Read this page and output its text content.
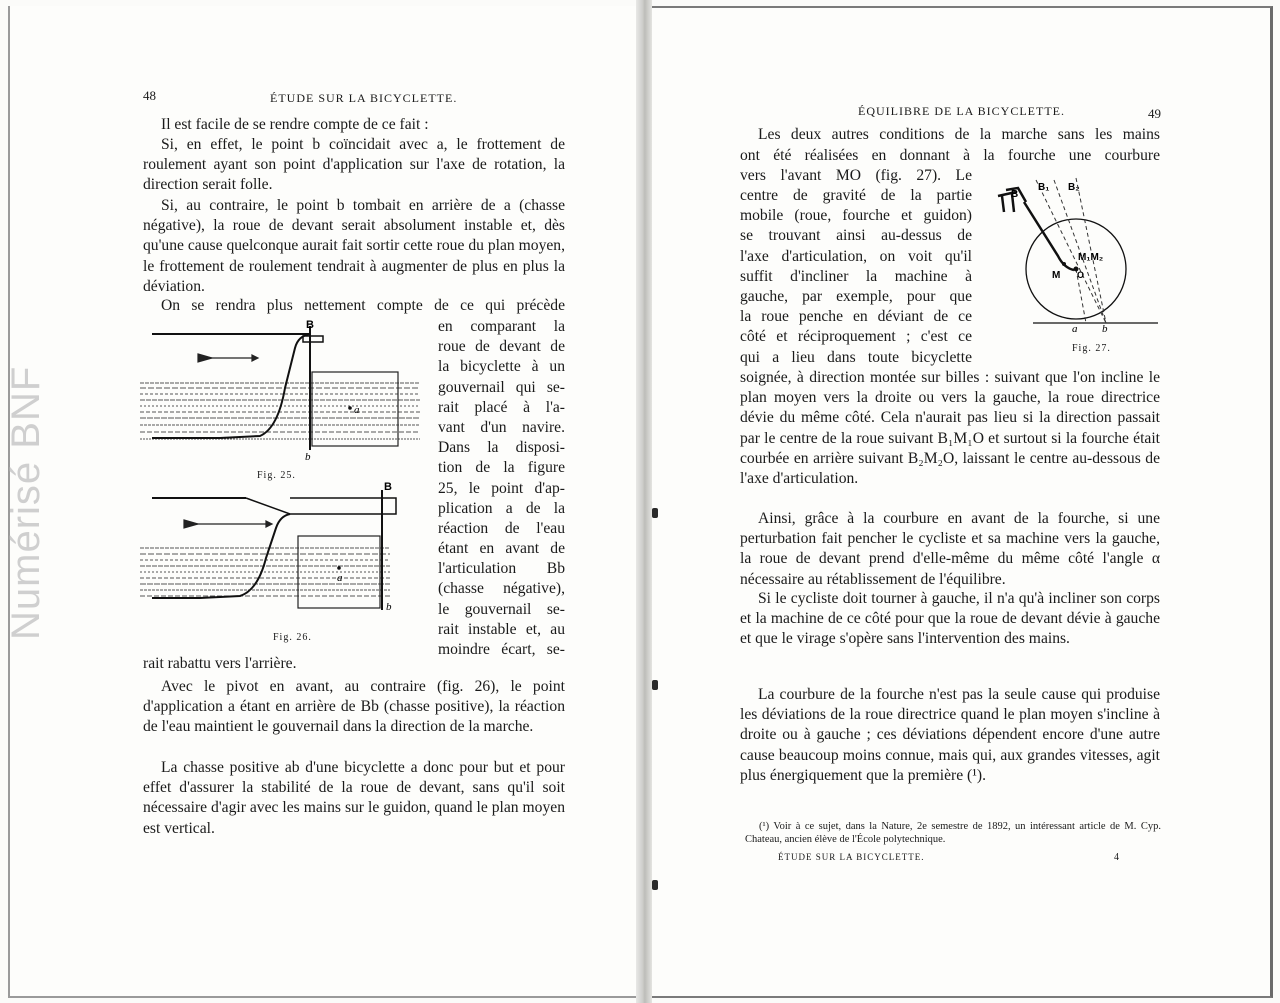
Numérisé BNF
48	ÉTUDE SUR LA BICYCLETTE.

Il est facile de se rendre compte de ce fait :

Si, en effet, le point b coïncidait avec a, le frottement de roulement ayant son point d'application sur l'axe de rotation, la direction serait folle.

Si, au contraire, le point b tombait en arrière de a (chasse négative), la roue de devant serait absolument instable et, dès qu'une cause quelconque aurait fait sortir cette roue du plan moyen, le frottement de roulement tendrait à augmenter de plus en plus la déviation.

On se rendra plus nettement compte de ce qui précède
en comparant la
roue de devant de
la bicyclette à un
gouvernail qui se-
rait placé à l'a-
vant d'un navire.
Dans la disposi-
tion de la figure
25, le point d'ap-
plication a de la
réaction de l'eau
étant en avant de
l'articulation Bb
(chasse négative),
le gouvernail se-
rait instable et, au
moindre écart, se-
B
a
b
Fig. 25.
B
a
b
Fig. 26.
rait rabattu vers l'arrière.

Avec le pivot en avant, au contraire (fig. 26), le point d'application a étant en arrière de Bb (chasse positive), la réaction de l'eau maintient le gouvernail dans la direction de la marche.

La chasse positive ab d'une bicyclette a donc pour but et pour effet d'assurer la stabilité de la roue de devant, sans qu'il soit nécessaire d'agir avec les mains sur le guidon, quand le plan moyen est vertical.

ÉQUILIBRE DE LA BICYCLETTE.	49
Les deux autres conditions de la marche sans les mains
ont été réalisées en donnant à la fourche une courbure
vers l'avant MO (fig. 27). Le
centre de gravité de la partie
mobile (roue, fourche et guidon)
se trouvant ainsi au-dessus de
l'axe d'articulation, on voit qu'il
suffit d'incliner la machine à
gauche, par exemple, pour que
la roue penche en déviant de ce
côté et réciproquement ; c'est ce
qui a lieu dans toute bicyclette
B
B₁ B₂
M₁M₂
M O
a b
Fig. 27.

soignée, à direction montée sur billes : suivant que l'on incline le plan moyen vers la droite ou vers la gauche, la roue directrice dévie du même côté. Cela n'aurait pas lieu si la direction passait par le centre de la roue suivant B₁M₁O et surtout si la fourche était courbée en arrière suivant B₂M₂O, laissant le centre au-dessous de l'axe d'articulation.

Ainsi, grâce à la courbure en avant de la fourche, si une perturbation fait pencher le cycliste et sa machine vers la gauche, la roue de devant prend d'elle-même du même côté l'angle α nécessaire au rétablissement de l'équilibre.

Si le cycliste doit tourner à gauche, il n'a qu'à incliner son corps et la machine de ce côté pour que la roue de devant dévie à gauche et que le virage s'opère sans l'intervention des mains.

La courbure de la fourche n'est pas la seule cause qui produise les déviations de la roue directrice quand le plan moyen s'incline à droite ou à gauche ; ces déviations dépendent encore d'une autre cause beaucoup moins connue, mais qui, aux grandes vitesses, agit plus énergiquement que la première (¹).

(¹) Voir à ce sujet, dans la Nature, 2e semestre de 1892, un intéressant article de M. Cyp. Chateau, ancien élève de l'École polytechnique.
ÉTUDE SUR LA BICYCLETTE.	4
